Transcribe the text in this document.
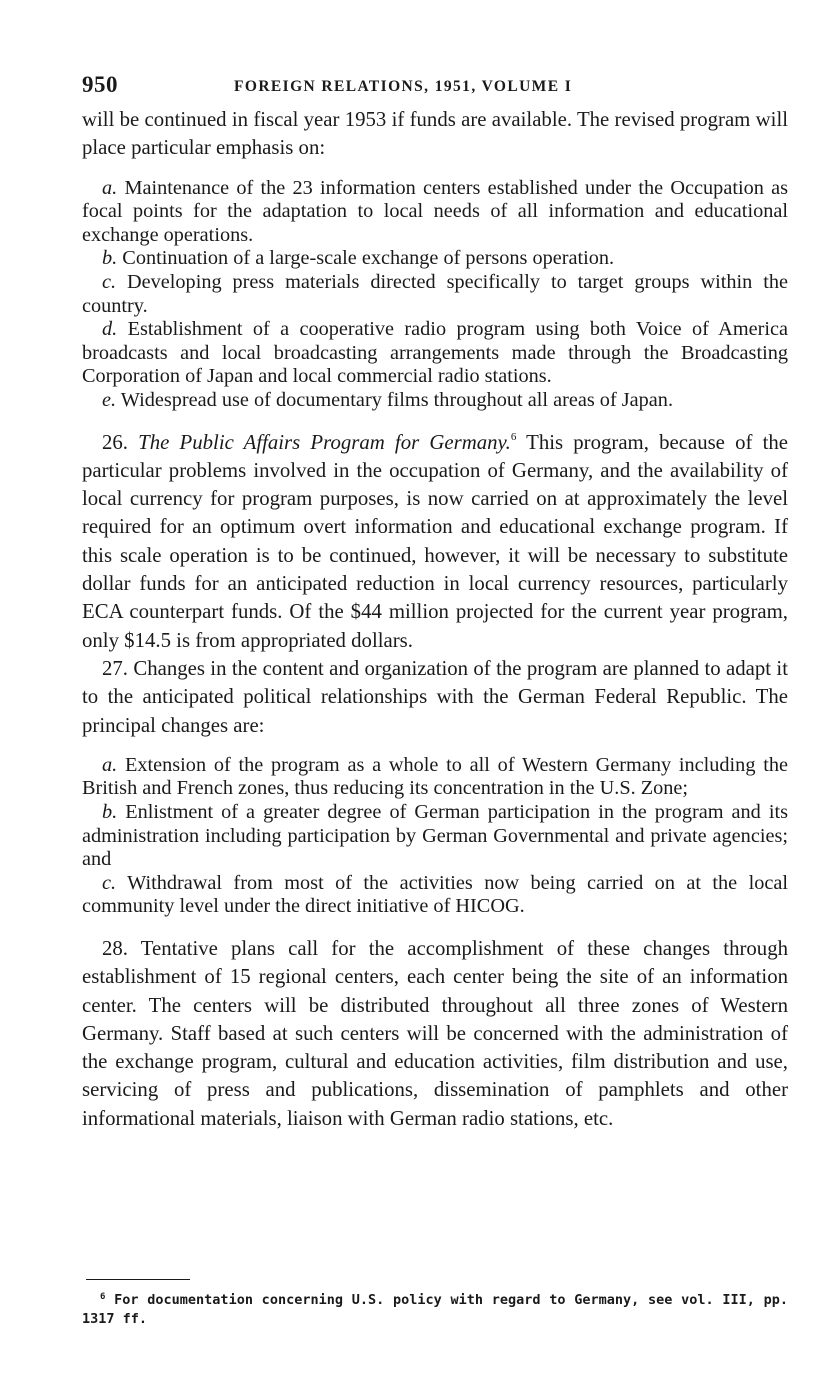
950	FOREIGN RELATIONS, 1951, VOLUME I

will be continued in fiscal year 1953 if funds are available. The revised program will place particular emphasis on:

a. Maintenance of the 23 information centers established under the Occupation as focal points for the adaptation to local needs of all information and educational exchange operations.

b. Continuation of a large-scale exchange of persons operation.

c. Developing press materials directed specifically to target groups within the country.

d. Establishment of a cooperative radio program using both Voice of America broadcasts and local broadcasting arrangements made through the Broadcasting Corporation of Japan and local commercial radio stations.

e. Widespread use of documentary films throughout all areas of Japan.

26. The Public Affairs Program for Germany.$^6$ This program, because of the particular problems involved in the occupation of Germany, and the availability of local currency for program purposes, is now carried on at approximately the level required for an optimum overt information and educational exchange program. If this scale operation is to be continued, however, it will be necessary to substitute dollar funds for an anticipated reduction in local currency resources, particularly ECA counterpart funds. Of the $44 million projected for the current year program, only $14.5 is from appropriated dollars.

27. Changes in the content and organization of the program are planned to adapt it to the anticipated political relationships with the German Federal Republic. The principal changes are:

a. Extension of the program as a whole to all of Western Germany including the British and French zones, thus reducing its concentration in the U.S. Zone;

b. Enlistment of a greater degree of German participation in the program and its administration including participation by German Governmental and private agencies; and

c. Withdrawal from most of the activities now being carried on at the local community level under the direct initiative of HICOG.

28. Tentative plans call for the accomplishment of these changes through establishment of 15 regional centers, each center being the site of an information center. The centers will be distributed throughout all three zones of Western Germany. Staff based at such centers will be concerned with the administration of the exchange program, cultural and education activities, film distribution and use, servicing of press and publications, dissemination of pamphlets and other informational materials, liaison with German radio stations, etc.

$^6$ For documentation concerning U.S. policy with regard to Germany, see vol. III, pp. 1317 ff.
